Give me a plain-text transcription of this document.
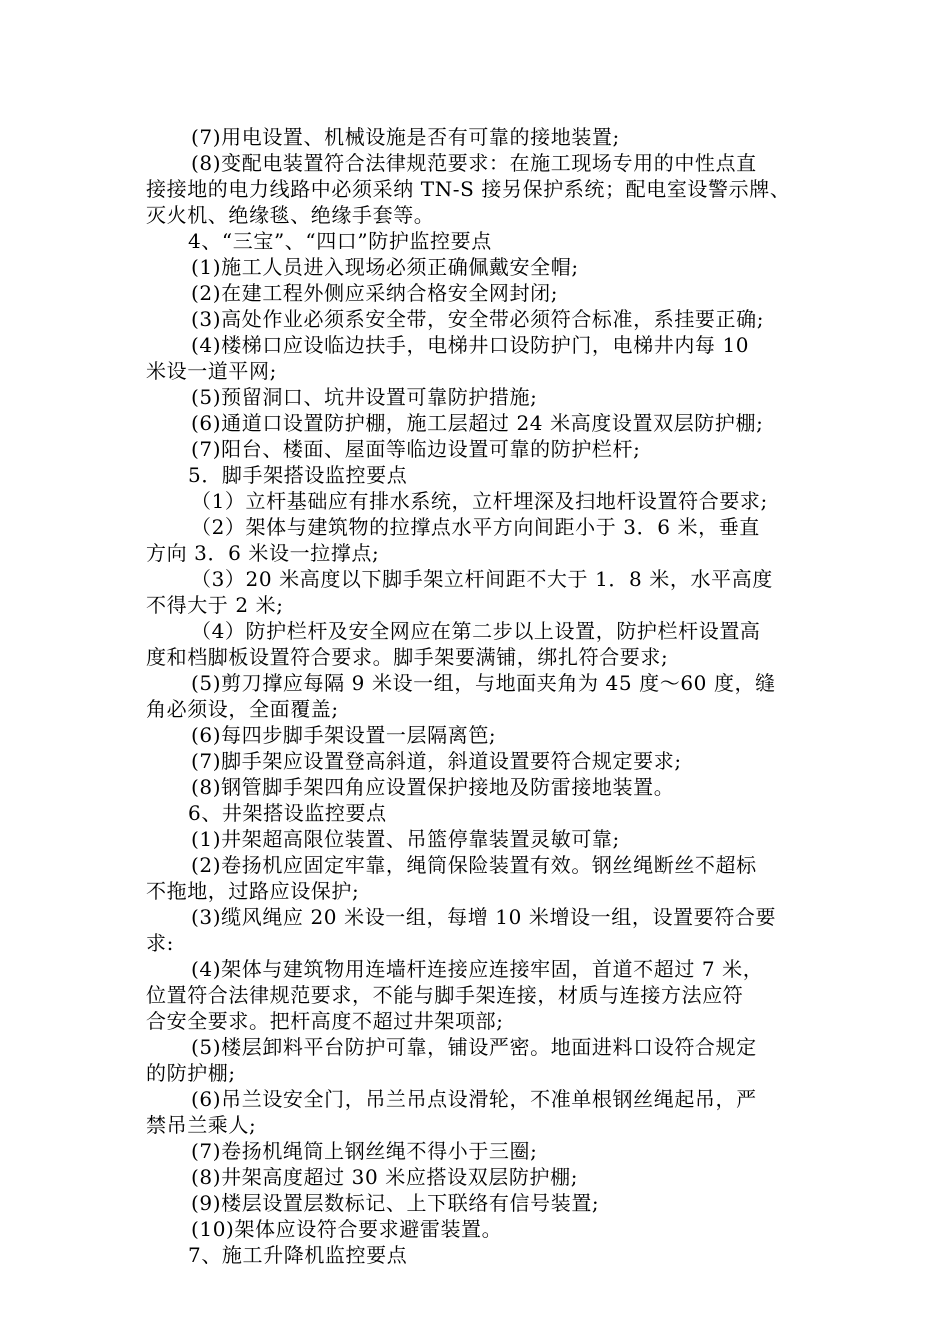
(7)用电设置、机械设施是否有可靠的接地装置;
(8)变配电装置符合法律规范要求：在施工现场专用的中性点直
接接地的电力线路中必须采纳 TN-S 接另保护系统；配电室设警示牌、
灭火机、绝缘毯、绝缘手套等。
4、“三宝”、“四口”防护监控要点
(1)施工人员进入现场必须正确佩戴安全帽;
(2)在建工程外侧应采纳合格安全网封闭;
(3)高处作业必须系安全带，安全带必须符合标准，系挂要正确;
(4)楼梯口应设临边扶手，电梯井口设防护门，电梯井内每 10
米设一道平网;
(5)预留洞口、坑井设置可靠防护措施;
(6)通道口设置防护棚，施工层超过 24 米高度设置双层防护棚;
(7)阳台、楼面、屋面等临边设置可靠的防护栏杆;
5．脚手架搭设监控要点
（1）立杆基础应有排水系统，立杆埋深及扫地杆设置符合要求;
（2）架体与建筑物的拉撑点水平方向间距小于 3．6 米，垂直
方向 3．6 米设一拉撑点;
（3）20 米高度以下脚手架立杆间距不大于 1．8 米，水平高度
不得大于 2 米;
（4）防护栏杆及安全网应在第二步以上设置，防护栏杆设置高
度和档脚板设置符合要求。脚手架要满铺，绑扎符合要求;
(5)剪刀撑应每隔 9 米设一组，与地面夹角为 45 度～60 度，缝
角必须设，全面覆盖;
(6)每四步脚手架设置一层隔离笆;
(7)脚手架应设置登高斜道，斜道设置要符合规定要求;
(8)钢管脚手架四角应设置保护接地及防雷接地装置。
6、井架搭设监控要点
(1)井架超高限位装置、吊篮停靠装置灵敏可靠;
(2)卷扬机应固定牢靠，绳筒保险装置有效。钢丝绳断丝不超标
不拖地，过路应设保护;
(3)缆风绳应 20 米设一组，每增 10 米增设一组，设置要符合要
求:
(4)架体与建筑物用连墙杆连接应连接牢固，首道不超过 7 米，
位置符合法律规范要求，不能与脚手架连接，材质与连接方法应符
合安全要求。把杆高度不超过井架项部;
(5)楼层卸料平台防护可靠，铺设严密。地面进料口设符合规定
的防护棚;
(6)吊兰设安全门，吊兰吊点设滑轮，不准单根钢丝绳起吊，严
禁吊兰乘人;
(7)卷扬机绳筒上钢丝绳不得小于三圈;
(8)井架高度超过 30 米应搭设双层防护棚;
(9)楼层设置层数标记、上下联络有信号装置;
(10)架体应设符合要求避雷装置。
7、施工升降机监控要点
